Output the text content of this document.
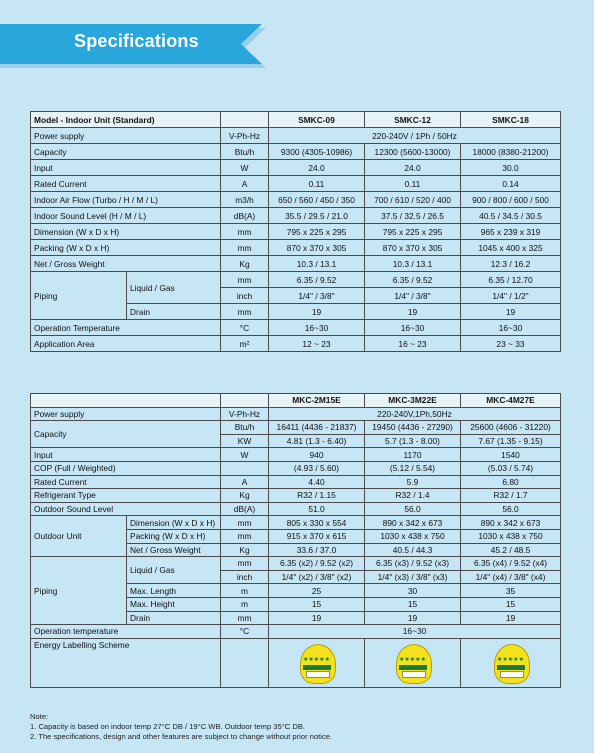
Specifications
Model - Indoor Unit (Standard)			SMKC-09	SMKC-12	SMKC-18
Power supply		V-Ph-Hz	220-240V / 1Ph / 50Hz		
Capacity		Btu/h	9300 (4305-10986)	12300 (5600-13000)	18000 (8380-21200)
Input		W	24.0	24.0	30.0
Rated Current		A	0.11	0.11	0.14
Indoor Air Flow (Turbo / H / M / L)		m3/h	650 / 560 / 450 / 350	700 / 610 / 520 / 400	900 / 800 / 600 / 500
Indoor Sound Level (H / M / L)		dB(A)	35.5 / 29.5 / 21.0	37.5 / 32.5 / 26.5	40.5 / 34.5 / 30.5
Dimension (W x D x H)		mm	795 x 225 x 295	795 x 225 x 295	965 x 239 x 319
Packing (W x D x H)		mm	870 x 370 x 305	870 x 370 x 305	1045 x 400 x 325
Net / Gross Weight		Kg	10.3 / 13.1	10.3 / 13.1	12.3 / 16.2
Piping	Liquid / Gas	mm	6.35 / 9.52	6.35 / 9.52	6.35 / 12.70
		inch	1/4" / 3/8"	1/4" / 3/8"	1/4" / 1/2"
	Drain	mm	19	19	19
Operation Temperature		°C	16~30	16~30	16~30
Application Area		m²	12 ~ 23	16 ~ 23	23 ~ 33
			MKC-2M15E	MKC-3M22E	MKC-4M27E
Power supply		V-Ph-Hz	220-240V,1Ph,50Hz		
Capacity		Btu/h	16411 (4436 - 21837)	19450 (4436 - 27290)	25600 (4606 - 31220)
		KW	4.81 (1.3 - 6.40)	5.7 (1.3 - 8.00)	7.67 (1.35 - 9.15)
Input		W	940	1170	1540
COP (Full / Weighted)			(4.93 / 5.60)	(5.12 / 5.54)	(5.03 / 5.74)
Rated Current		A	4.40	5.9	6.80
Refrigerant Type		Kg	R32 / 1.15	R32 / 1.4	R32 / 1.7
Outdoor Sound Level		dB(A)	51.0	56.0	56.0
Outdoor Unit	Dimension (W x D x H)	mm	805 x 330 x 554	890 x 342 x 673	890 x 342 x 673
	Packing (W x D x H)	mm	915 x 370 x 615	1030 x 438 x 750	1030 x 438 x 750
	Net / Gross Weight	Kg	33.6 / 37.0	40.5 / 44.3	45.2 / 48.5
Piping	Liquid / Gas	mm	6.35 (x2) / 9.52 (x2)	6.35 (x3) / 9.52 (x3)	6.35 (x4) / 9.52 (x4)
		inch	1/4" (x2) / 3/8" (x2)	1/4" (x3) / 3/8" (x3)	1/4" (x4) / 3/8" (x4)
	Max. Length	m	25	30	35
	Max. Height	m	15	15	15
	Drain	mm	19	19	19
Operation temperature		°C	16~30		
Energy Labelling Scheme			★★★★★	★★★★★	★★★★★
Note:
1. Capacity is based on indoor temp 27°C DB / 19°C WB. Outdoor temp 35°C DB.
2. The specifications, design and other features are subject to change without prior notice.
